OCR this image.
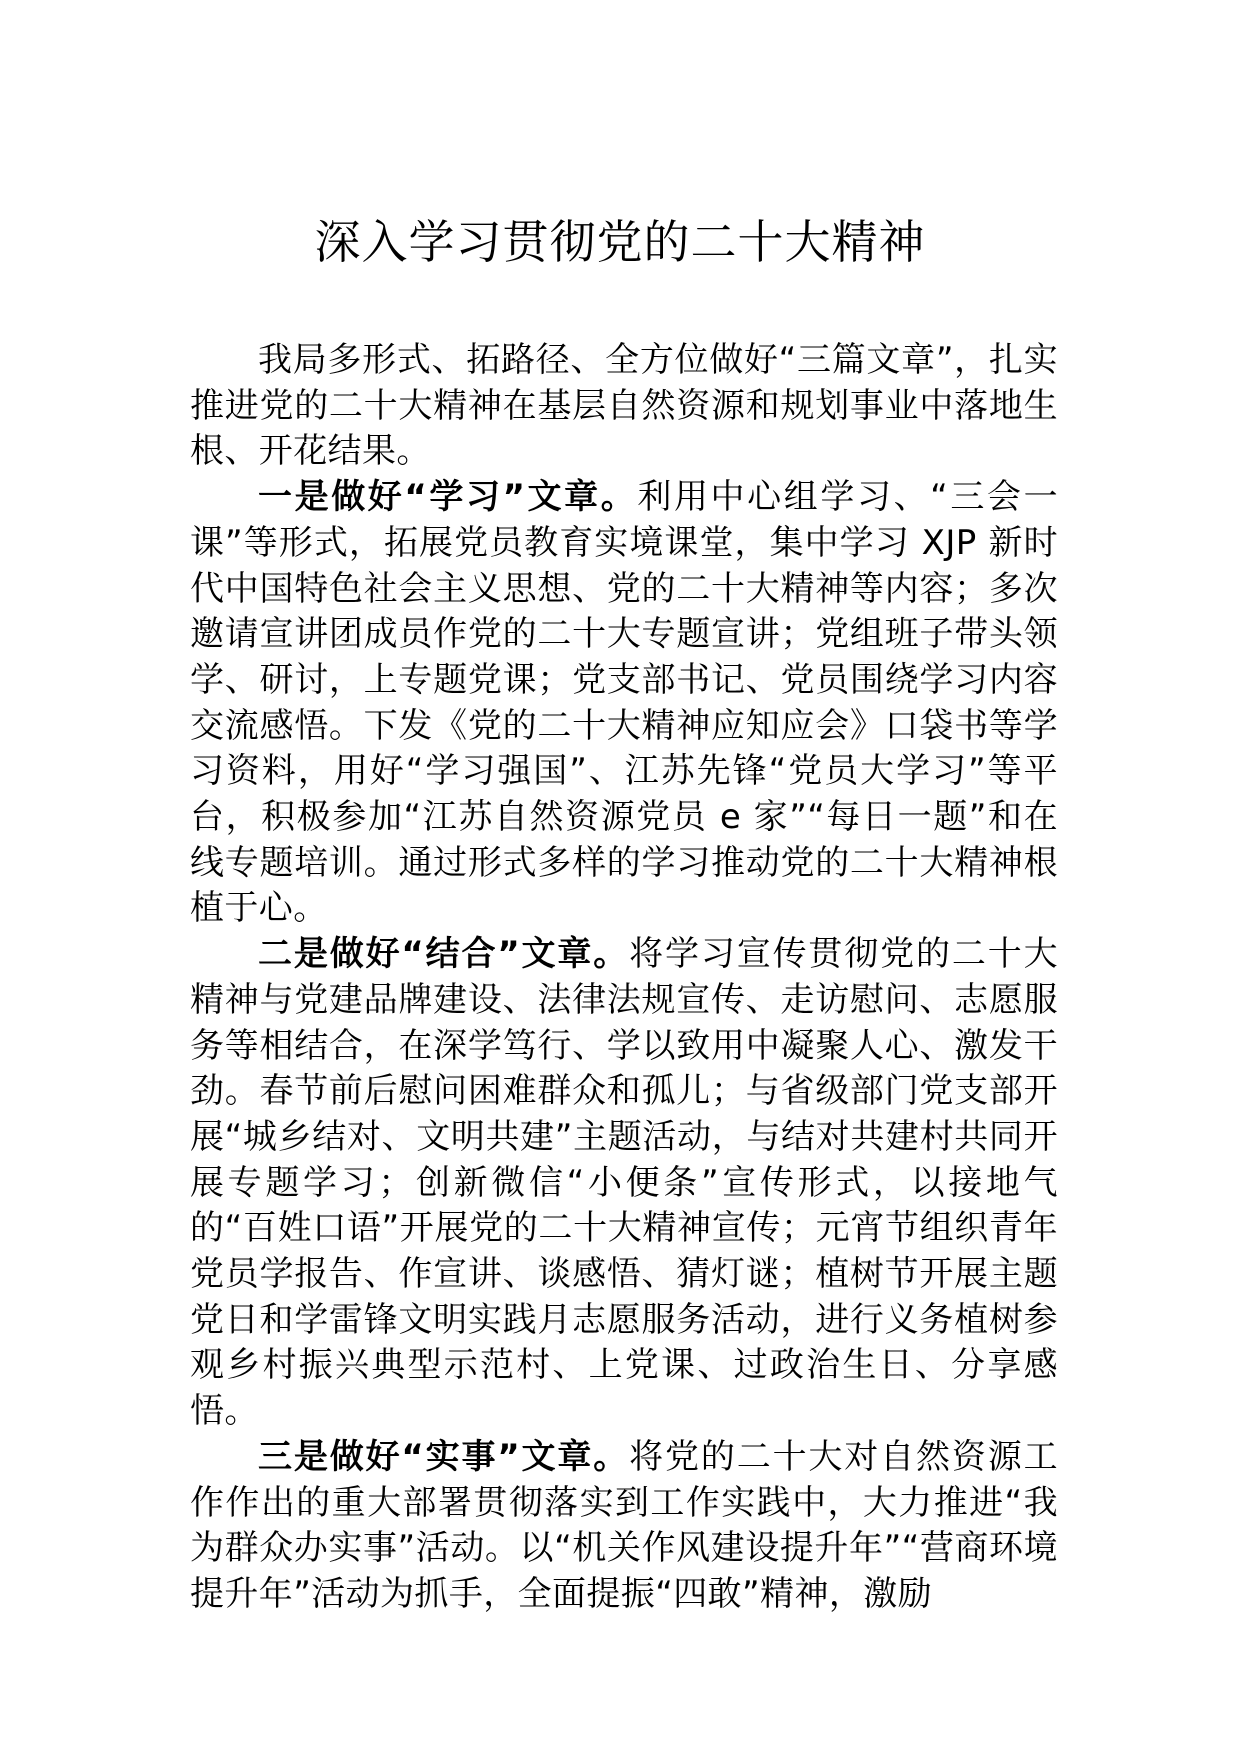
深入学习贯彻党的二十大精神

我局多形式、拓路径、全方位做好“三篇文章”，扎实推进党的二十大精神在基层自然资源和规划事业中落地生根、开花结果。

一是做好“学习”文章。利用中心组学习、“三会一课”等形式，拓展党员教育实境课堂，集中学习 XJP 新时代中国特色社会主义思想、党的二十大精神等内容；多次邀请宣讲团成员作党的二十大专题宣讲；党组班子带头领学、研讨，上专题党课；党支部书记、党员围绕学习内容交流感悟。下发《党的二十大精神应知应会》口袋书等学习资料，用好“学习强国”、江苏先锋“党员大学习”等平台，积极参加“江苏自然资源党员 e 家”“每日一题”和在线专题培训。通过形式多样的学习推动党的二十大精神根植于心。

二是做好“结合”文章。将学习宣传贯彻党的二十大精神与党建品牌建设、法律法规宣传、走访慰问、志愿服务等相结合，在深学笃行、学以致用中凝聚人心、激发干劲。春节前后慰问困难群众和孤儿；与省级部门党支部开展“城乡结对、文明共建”主题活动，与结对共建村共同开展专题学习；创新微信“小便条”宣传形式，以接地气的“百姓口语”开展党的二十大精神宣传；元宵节组织青年党员学报告、作宣讲、谈感悟、猜灯谜；植树节开展主题党日和学雷锋文明实践月志愿服务活动，进行义务植树参观乡村振兴典型示范村、上党课、过政治生日、分享感悟。

三是做好“实事”文章。将党的二十大对自然资源工作作出的重大部署贯彻落实到工作实践中，大力推进“我为群众办实事”活动。以“机关作风建设提升年”“营商环境提升年”活动为抓手，全面提振“四敢”精神，激励
